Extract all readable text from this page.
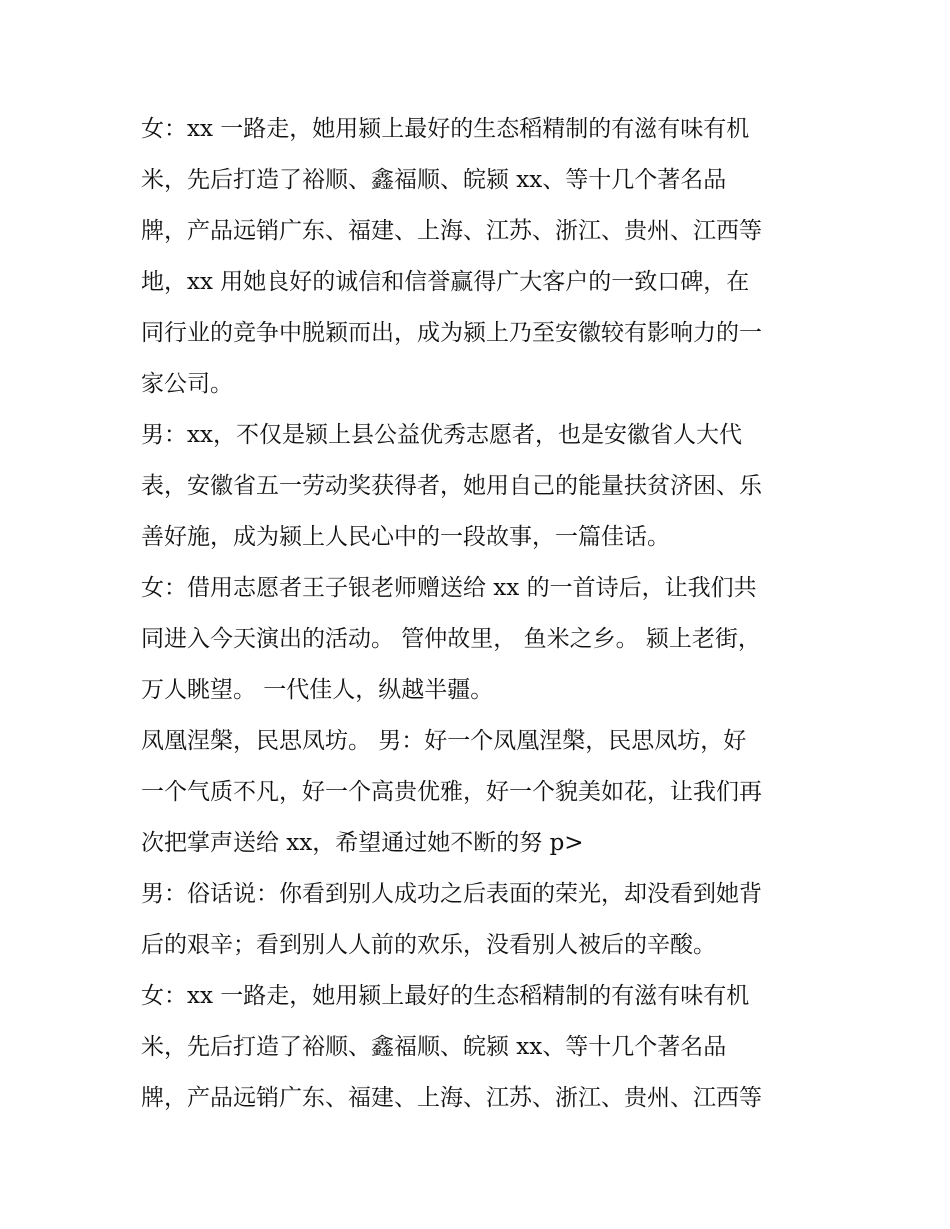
女：xx 一路走，她用颍上最好的生态稻精制的有滋有味有机
米，先后打造了裕顺、鑫福顺、皖颍 xx、等十几个著名品
牌，产品远销广东、福建、上海、江苏、浙江、贵州、江西等
地，xx 用她良好的诚信和信誉赢得广大客户的一致口碑，在
同行业的竞争中脱颖而出，成为颍上乃至安徽较有影响力的一
家公司。
男：xx，不仅是颍上县公益优秀志愿者，也是安徽省人大代
表，安徽省五一劳动奖获得者，她用自己的能量扶贫济困、乐
善好施，成为颍上人民心中的一段故事，一篇佳话。
女：借用志愿者王子银老师赠送给 xx 的一首诗后，让我们共
同进入今天演出的活动。 管仲故里， 鱼米之乡。 颍上老街，
万人眺望。 一代佳人，纵越半疆。
凤凰涅槃，民思凤坊。 男：好一个凤凰涅槃，民思凤坊，好
一个气质不凡，好一个高贵优雅，好一个貌美如花，让我们再
次把掌声送给 xx，希望通过她不断的努 p>
男：俗话说：你看到别人成功之后表面的荣光，却没看到她背
后的艰辛；看到别人人前的欢乐，没看别人被后的辛酸。
女：xx 一路走，她用颍上最好的生态稻精制的有滋有味有机
米，先后打造了裕顺、鑫福顺、皖颍 xx、等十几个著名品
牌，产品远销广东、福建、上海、江苏、浙江、贵州、江西等
